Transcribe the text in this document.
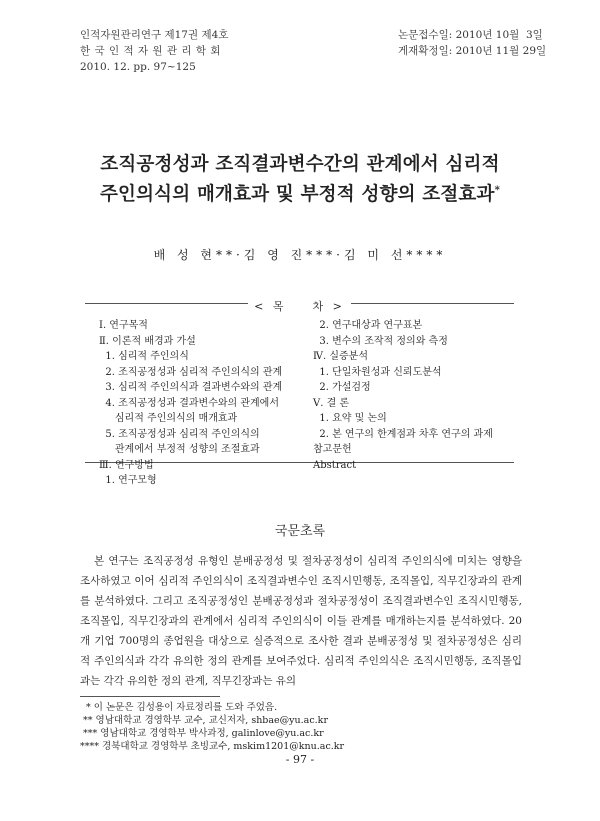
인적자원관리연구 제17권 제4호
한 국 인 적 자 원 관 리 학 회
2010. 12. pp. 97~125
논문접수일: 2010년 10월  3일
게재확정일: 2010년 11월 29일
조직공정성과 조직결과변수간의 관계에서 심리적
주인의식의 매개효과 및 부정적 성향의 조절효과*
배 성 현**·김 영 진***·김 미 선****
< 목    차 >
Ⅰ. 연구목적
Ⅱ. 이론적 배경과 가설
1. 심리적 주인의식
2. 조직공정성과 심리적 주인의식의 관계
3. 심리적 주인의식과 결과변수와의 관계
4. 조직공정성과 결과변수와의 관계에서
심리적 주인의식의 매개효과
5. 조직공정성과 심리적 주인의식의
관계에서 부정적 성향의 조절효과
Ⅲ. 연구방법
1. 연구모형
2. 연구대상과 연구표본
3. 변수의 조작적 정의와 측정
Ⅳ. 실증분석
1. 단일차원성과 신뢰도분석
2. 가설검정
Ⅴ. 결 론
1. 요약 및 논의
2. 본 연구의 한계점과 차후 연구의 과제
참고문헌
Abstract
국문초록
본 연구는 조직공정성 유형인 분배공정성 및 절차공정성이 심리적 주인의식에 미치는 영향을 조사하였고 이어 심리적 주인의식이 조직결과변수인 조직시민행동, 조직몰입, 직무긴장과의 관계를 분석하였다. 그리고 조직공정성인 분배공정성과 절차공정성이 조직결과변수인 조직시민행동, 조직몰입, 직무긴장과의 관계에서 심리적 주인의식이 이들 관계를 매개하는지를 분석하였다. 20개 기업 700명의 종업원을 대상으로 실증적으로 조사한 결과 분배공정성 및 절차공정성은 심리적 주인의식과 각각 유의한 정의 관계를 보여주었다. 심리적 주인의식은 조직시민행동, 조직몰입과는 각각 유의한 정의 관계, 직무긴장과는 유의
* 이 논문은 김성용이 자료정리를 도와 주었음.
** 영남대학교 경영학부 교수, 교신저자, shbae@yu.ac.kr
*** 영남대학교 경영학부 박사과정, galinlove@yu.ac.kr
**** 경북대학교 경영학부 초빙교수, mskim1201@knu.ac.kr
- 97 -
